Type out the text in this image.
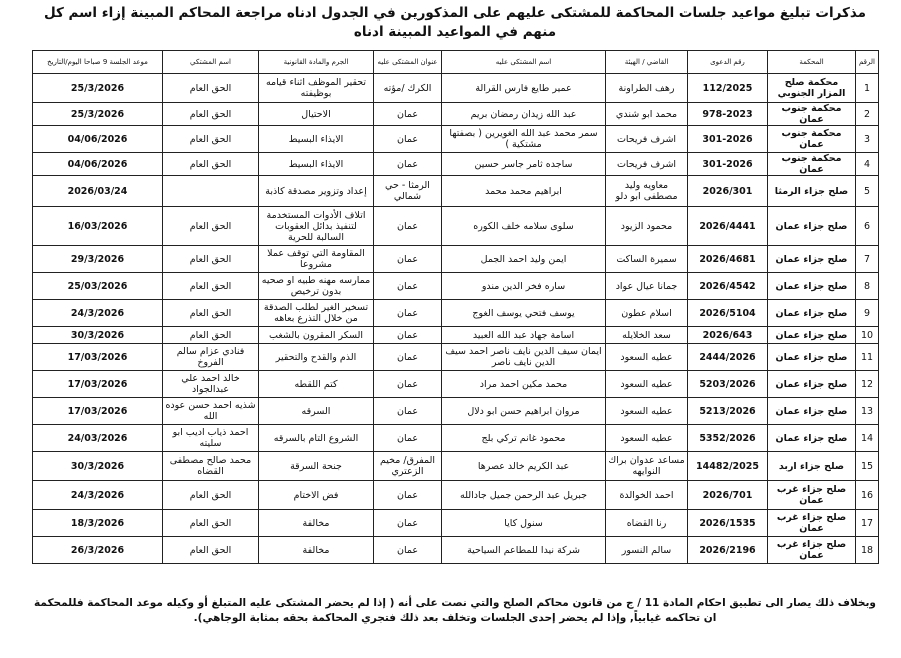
مذكرات تبليغ مواعيد جلسات المحاكمة للمشتكى عليهم على المذكورين في الجدول ادناه مراجعة المحاكم المبينة إزاء اسم كل منهم في المواعيد المبينة ادناه
الرقم	المحكمة	رقم الدعوى	القاضي / الهيئة	اسم المشتكى عليه	عنوان المشتكى عليه	الجرم والمادة القانونية	اسم المشتكي	موعد الجلسة 9 صباحا اليوم/التاريخ
1	محكمة صلح المزار الجنوبي	112/2025	رهف الطراونة	عمير طايع فارس القرالة	الكرك /مؤته	تحقير الموظف اثناء قيامه بوظيفته	الحق العام	25/3/2026
2	محكمة جنوب عمان	978-2023	محمد ابو شندي	عبد الله زيدان رمضان بريم	عمان	الاحتيال	الحق العام	25/3/2026
3	محكمة جنوب عمان	301-2026	اشرف فريحات	سمر محمد عبد الله الغويرين ( بصفتها مشتكية )	عمان	الايذاء البسيط	الحق العام	04/06/2026
4	محكمة جنوب عمان	301-2026	اشرف فريحات	ساجده ثامر جاسر حسين	عمان	الايذاء البسيط	الحق العام	04/06/2026
5	صلح جزاء الرمثا	2026/301	معاويه وليد مصطفى ابو دلو	ابراهيم محمد محمد	الرمثا - حي شمالي	إعداد وتزوير مصدقة كاذبة		2026/03/24
6	صلح جزاء عمان	2026/4441	محمود الزيود	سلوى سلامه خلف الكوره	عمان	اتلاف الأدوات المستخدمة لتنفيذ بدائل العقوبات السالبة للحرية	الحق العام	16/03/2026
7	صلح جزاء عمان	2026/4681	سميرة الساكت	ايمن وليد احمد الجمل	عمان	المقاومة التي توقف عملا مشروعا	الحق العام	29/3/2026
8	صلح جزاء عمان	2026/4542	جمانا عيال عواد	ساره فخر الدين مندو	عمان	ممارسه مهنه طبيه او صحيه بدون ترخيص	الحق العام	25/03/2026
9	صلح جزاء عمان	2026/5104	اسلام عطون	يوسف فتحي يوسف الغوج	عمان	تسخير الغير لطلب الصدقة من خلال التذرع بعاهه	الحق العام	24/3/2026
10	صلح جزاء عمان	2026/643	سعد الخلايله	اسامة جهاد عبد الله العبيد	عمان	السكر المقرون بالشغب	الحق العام	30/3/2026
11	صلح جزاء عمان	2444/2026	عطيه السعود	ايمان سيف الدين نايف ناصر احمد سيف الدين نايف ناصر	عمان	الذم والقدح والتحقير	فنادي عزام سالم الفروخ	17/03/2026
12	صلح جزاء عمان	5203/2026	عطيه السعود	محمد مكين احمد مراد	عمان	كتم اللقطه	خالد احمد علي عبدالجواد	17/03/2026
13	صلح جزاء عمان	5213/2026	عطيه السعود	مروان ابراهيم حسن ابو دلال	عمان	السرقه	شذيه احمد حسن عوده الله	17/03/2026
14	صلح جزاء عمان	5352/2026	عطيه السعود	محمود غانم تركي بلج	عمان	الشروع التام بالسرقه	احمد ذياب اديب ابو سليته	24/03/2026
15	صلح جزاء اربد	14482/2025	مساعد عدوان براك النوايهه	عبد الكريم خالد عصرها	المفرق/ مخيم الزعتري	جنحة السرقة	محمد صالح مصطفى القضاه	30/3/2026
16	صلح جزاء غرب عمان	2026/701	احمد الخوالدة	جبريل عبد الرحمن جميل جادالله	عمان	فض الاختام	الحق العام	24/3/2026
17	صلح جزاء غرب عمان	2026/1535	رنا القضاه	سنول كايا	عمان	مخالفة	الحق العام	18/3/2026
18	صلح جزاء غرب عمان	2026/2196	سالم النسور	شركة نيدا للمطاعم السياحية	عمان	مخالفة	الحق العام	26/3/2026
وبخلاف ذلك يصار الى تطبيق احكام المادة 11 / ج من قانون محاكم الصلح والتي نصت على أنه ( إذا لم يحضر المشتكى عليه المتبلغ أو وكيله موعد المحاكمة فللمحكمة ان تحاكمه غيابياً, وإذا لم يحضر إحدى الجلسات وتخلف بعد ذلك فتجري المحاكمة بحقه بمثابة الوجاهي).
